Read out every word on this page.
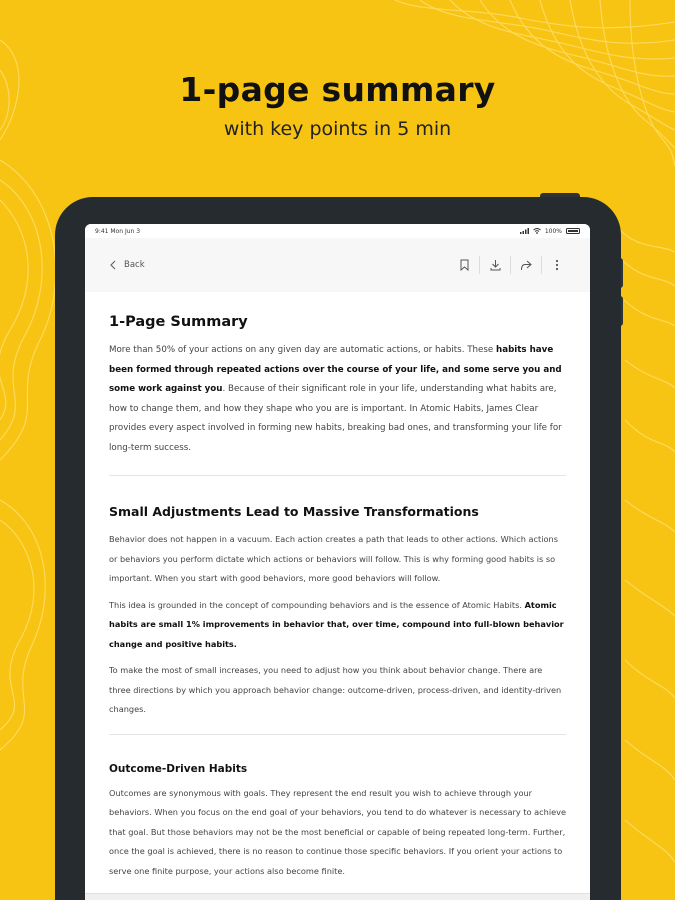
1-page summary
with key points in 5 min
9:41 Mon Jun 3	100%
Back
1-Page Summary

More than 50% of your actions on any given day are automatic actions, or habits. These habits have been formed through repeated actions over the course of your life, and some serve you and some work against you. Because of their significant role in your life, understanding what habits are, how to change them, and how they shape who you are is important. In Atomic Habits, James Clear provides every aspect involved in forming new habits, breaking bad ones, and transforming your life for long-term success.

Small Adjustments Lead to Massive Transformations

Behavior does not happen in a vacuum. Each action creates a path that leads to other actions. Which actions or behaviors you perform dictate which actions or behaviors will follow. This is why forming good habits is so important. When you start with good behaviors, more good behaviors will follow.

This idea is grounded in the concept of compounding behaviors and is the essence of Atomic Habits. Atomic habits are small 1% improvements in behavior that, over time, compound into full-blown behavior change and positive habits.

To make the most of small increases, you need to adjust how you think about behavior change. There are three directions by which you approach behavior change: outcome-driven, process-driven, and identity-driven changes.

Outcome-Driven Habits

Outcomes are synonymous with goals. They represent the end result you wish to achieve through your behaviors. When you focus on the end goal of your behaviors, you tend to do whatever is necessary to achieve that goal. But those behaviors may not be the most beneficial or capable of being repeated long-term. Further, once the goal is achieved, there is no reason to continue those specific behaviors. If you orient your actions to serve one finite purpose, your actions also become finite.
